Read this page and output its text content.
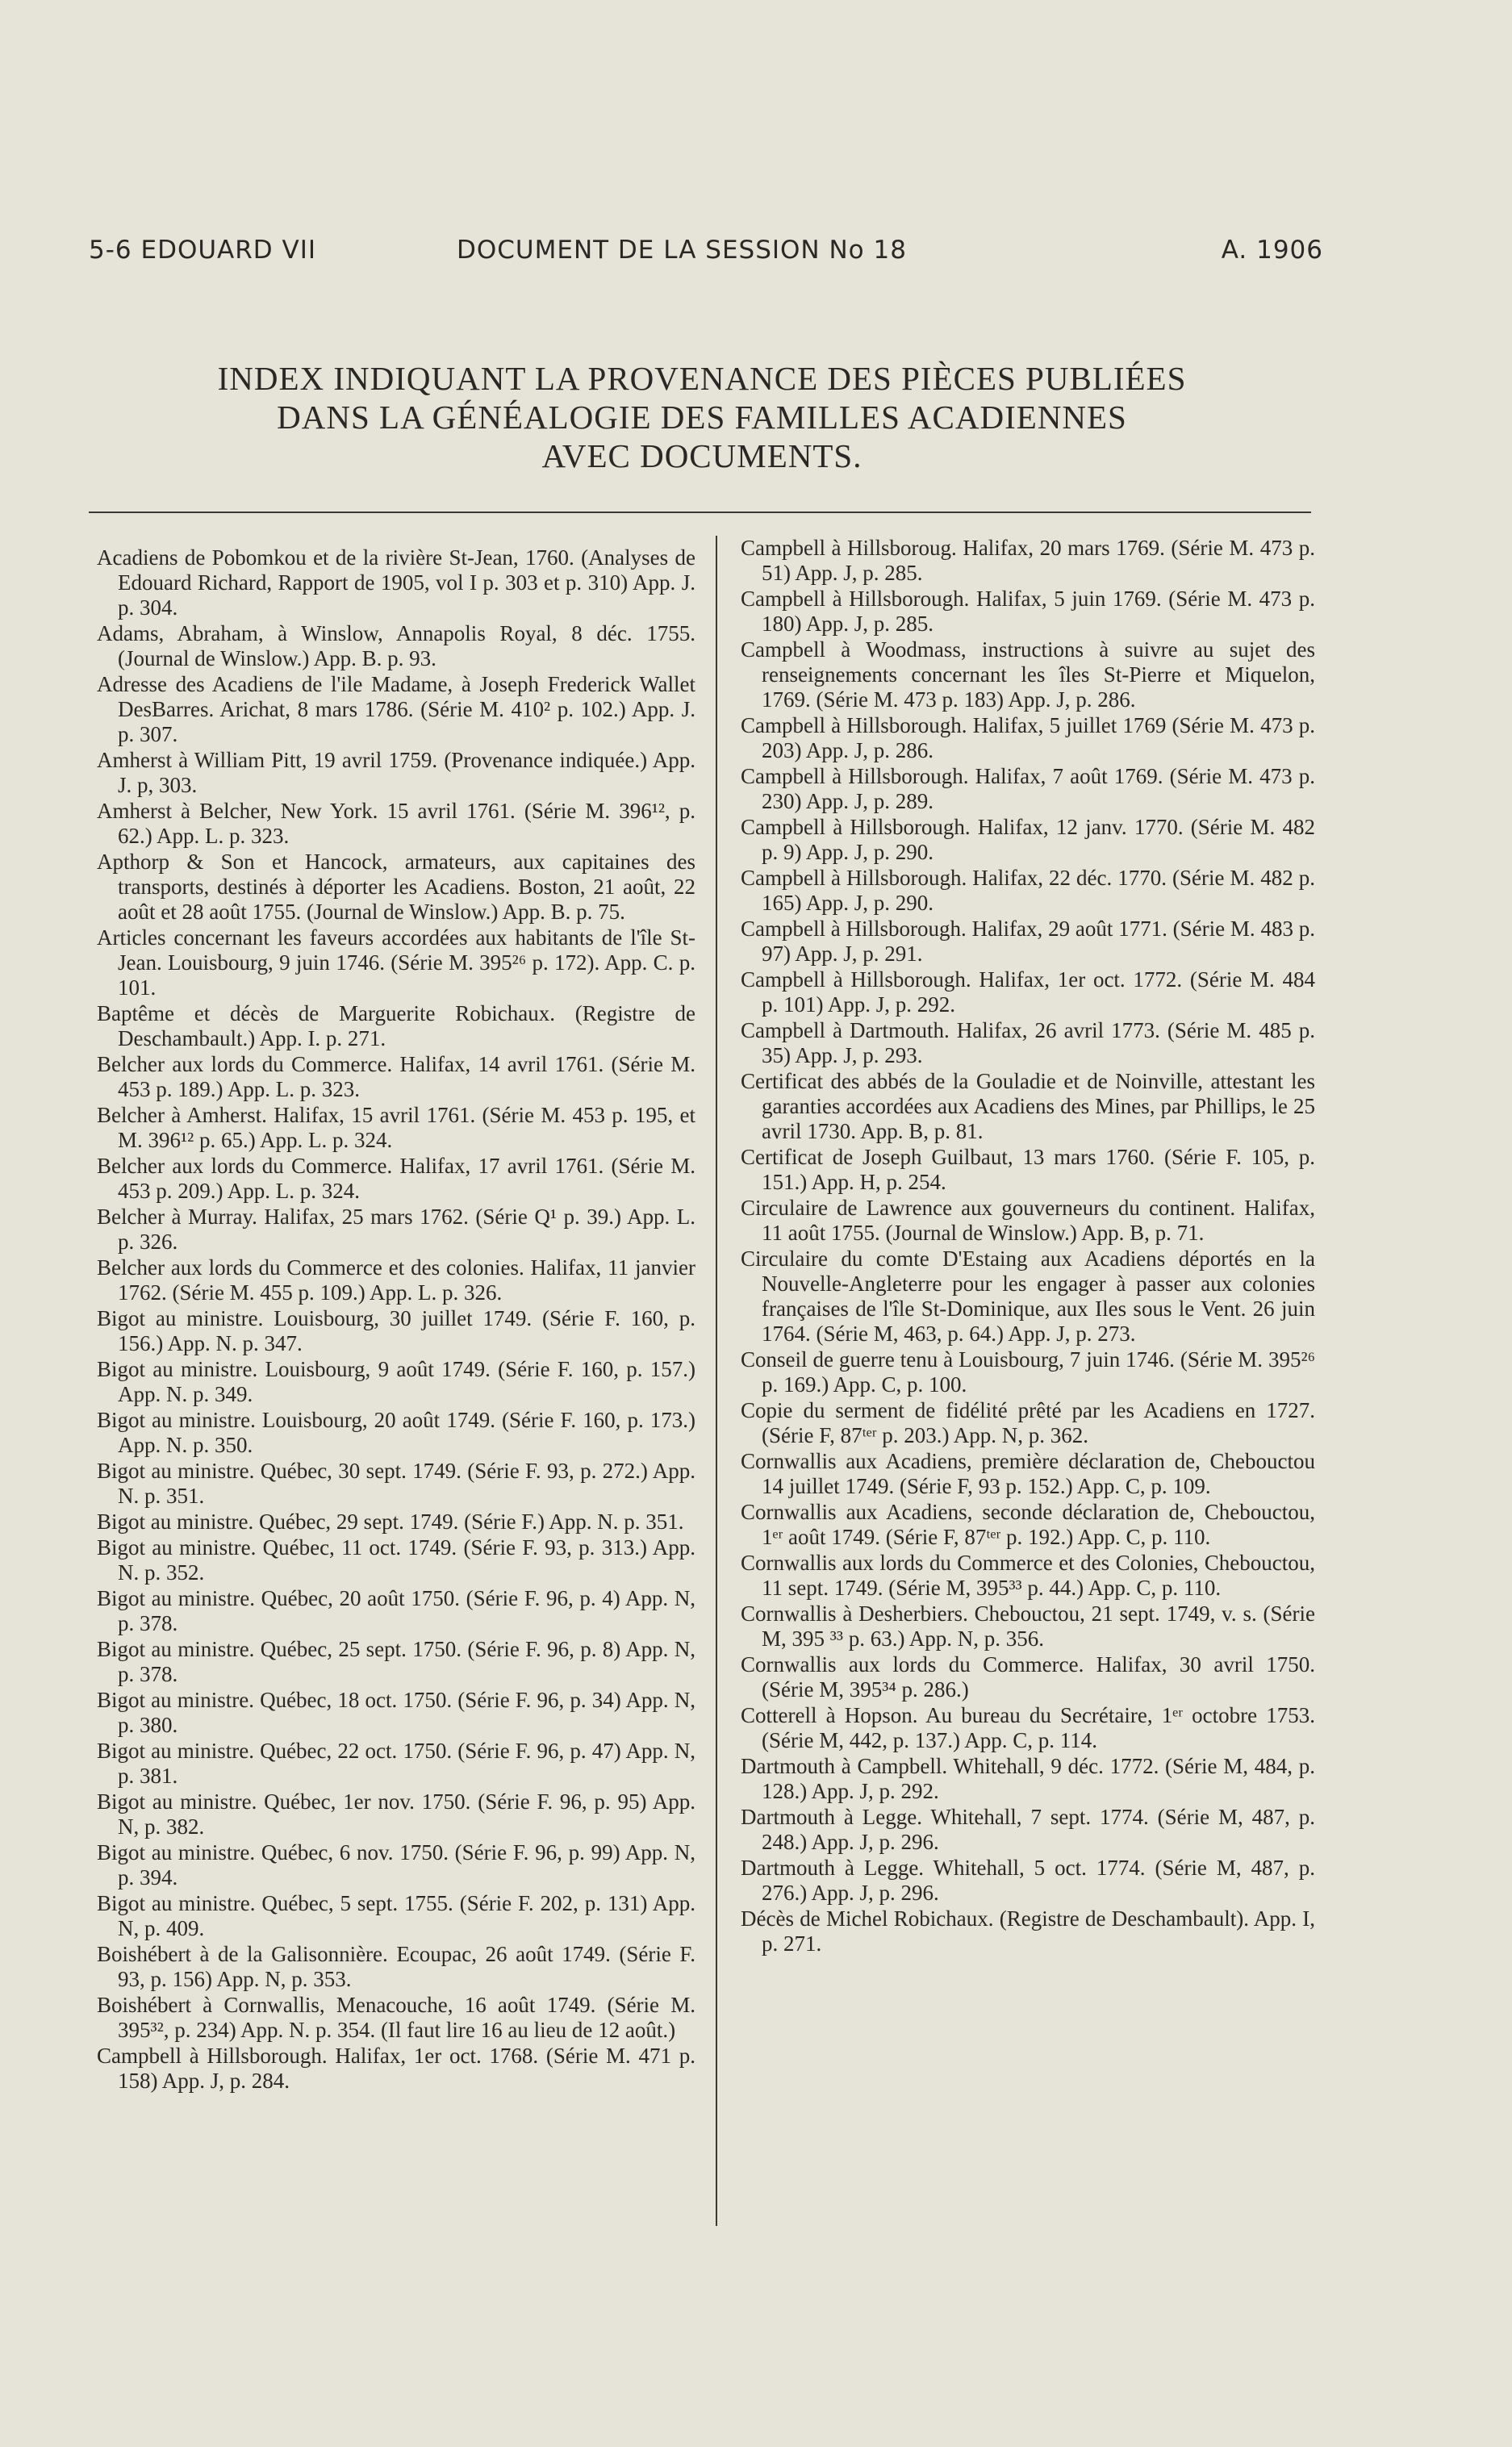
5-6 EDOUARD VII	DOCUMENT DE LA SESSION No 18	A. 1906
INDEX INDIQUANT LA PROVENANCE DES PIÈCES PUBLIÉES
DANS LA GÉNÉALOGIE DES FAMILLES ACADIENNES
AVEC DOCUMENTS.
Acadiens de Pobomkou et de la rivière St-Jean, 1760. (Analyses de Edouard Richard, Rapport de 1905, vol I p. 303 et p. 310) App. J. p. 304.
Adams, Abraham, à Winslow, Annapolis Royal, 8 déc. 1755. (Journal de Winslow.) App. B. p. 93.
Adresse des Acadiens de l'ile Madame, à Joseph Frederick Wallet DesBarres. Arichat, 8 mars 1786. (Série M. 410² p. 102.) App. J. p. 307.
Amherst à William Pitt, 19 avril 1759. (Provenance indiquée.) App. J. p, 303.
Amherst à Belcher, New York. 15 avril 1761. (Série M. 396¹², p. 62.) App. L. p. 323.
Apthorp & Son et Hancock, armateurs, aux capitaines des transports, destinés à déporter les Acadiens. Boston, 21 août, 22 août et 28 août 1755. (Journal de Winslow.) App. B. p. 75.
Articles concernant les faveurs accordées aux habitants de l'île St-Jean. Louisbourg, 9 juin 1746. (Série M. 395²⁶ p. 172). App. C. p. 101.
Baptême et décès de Marguerite Robichaux. (Registre de Deschambault.) App. I. p. 271.
Belcher aux lords du Commerce. Halifax, 14 avril 1761. (Série M. 453 p. 189.) App. L. p. 323.
Belcher à Amherst. Halifax, 15 avril 1761. (Série M. 453 p. 195, et M. 396¹² p. 65.) App. L. p. 324.
Belcher aux lords du Commerce. Halifax, 17 avril 1761. (Série M. 453 p. 209.) App. L. p. 324.
Belcher à Murray. Halifax, 25 mars 1762. (Série Q¹ p. 39.) App. L. p. 326.
Belcher aux lords du Commerce et des colonies. Halifax, 11 janvier 1762. (Série M. 455 p. 109.) App. L. p. 326.
Bigot au ministre. Louisbourg, 30 juillet 1749. (Série F. 160, p. 156.) App. N. p. 347.
Bigot au ministre. Louisbourg, 9 août 1749. (Série F. 160, p. 157.) App. N. p. 349.
Bigot au ministre. Louisbourg, 20 août 1749. (Série F. 160, p. 173.) App. N. p. 350.
Bigot au ministre. Québec, 30 sept. 1749. (Série F. 93, p. 272.) App. N. p. 351.
Bigot au ministre. Québec, 29 sept. 1749. (Série F.) App. N. p. 351.
Bigot au ministre. Québec, 11 oct. 1749. (Série F. 93, p. 313.) App. N. p. 352.
Bigot au ministre. Québec, 20 août 1750. (Série F. 96, p. 4) App. N, p. 378.
Bigot au ministre. Québec, 25 sept. 1750. (Série F. 96, p. 8) App. N, p. 378.
Bigot au ministre. Québec, 18 oct. 1750. (Série F. 96, p. 34) App. N, p. 380.
Bigot au ministre. Québec, 22 oct. 1750. (Série F. 96, p. 47) App. N, p. 381.
Bigot au ministre. Québec, 1er nov. 1750. (Série F. 96, p. 95) App. N, p. 382.
Bigot au ministre. Québec, 6 nov. 1750. (Série F. 96, p. 99) App. N, p. 394.
Bigot au ministre. Québec, 5 sept. 1755. (Série F. 202, p. 131) App. N, p. 409.
Boishébert à de la Galisonnière. Ecoupac, 26 août 1749. (Série F. 93, p. 156) App. N, p. 353.
Boishébert à Cornwallis, Menacouche, 16 août 1749. (Série M. 395³², p. 234) App. N. p. 354. (Il faut lire 16 au lieu de 12 août.)
Campbell à Hillsborough. Halifax, 1er oct. 1768. (Série M. 471 p. 158) App. J, p. 284.
Campbell à Hillsboroug. Halifax, 20 mars 1769. (Série M. 473 p. 51) App. J, p. 285.
Campbell à Hillsborough. Halifax, 5 juin 1769. (Série M. 473 p. 180) App. J, p. 285.
Campbell à Woodmass, instructions à suivre au sujet des renseignements concernant les îles St-Pierre et Miquelon, 1769. (Série M. 473 p. 183) App. J, p. 286.
Campbell à Hillsborough. Halifax, 5 juillet 1769 (Série M. 473 p. 203) App. J, p. 286.
Campbell à Hillsborough. Halifax, 7 août 1769. (Série M. 473 p. 230) App. J, p. 289.
Campbell à Hillsborough. Halifax, 12 janv. 1770. (Série M. 482 p. 9) App. J, p. 290.
Campbell à Hillsborough. Halifax, 22 déc. 1770. (Série M. 482 p. 165) App. J, p. 290.
Campbell à Hillsborough. Halifax, 29 août 1771. (Série M. 483 p. 97) App. J, p. 291.
Campbell à Hillsborough. Halifax, 1er oct. 1772. (Série M. 484 p. 101) App. J, p. 292.
Campbell à Dartmouth. Halifax, 26 avril 1773. (Série M. 485 p. 35) App. J, p. 293.
Certificat des abbés de la Gouladie et de Noinville, attestant les garanties accordées aux Acadiens des Mines, par Phillips, le 25 avril 1730. App. B, p. 81.
Certificat de Joseph Guilbaut, 13 mars 1760. (Série F. 105, p. 151.) App. H, p. 254.
Circulaire de Lawrence aux gouverneurs du continent. Halifax, 11 août 1755. (Journal de Winslow.) App. B, p. 71.
Circulaire du comte D'Estaing aux Acadiens déportés en la Nouvelle-Angleterre pour les engager à passer aux colonies françaises de l'île St-Dominique, aux Iles sous le Vent. 26 juin 1764. (Série M, 463, p. 64.) App. J, p. 273.
Conseil de guerre tenu à Louisbourg, 7 juin 1746. (Série M. 395²⁶ p. 169.) App. C, p. 100.
Copie du serment de fidélité prêté par les Acadiens en 1727. (Série F, 87ᵗᵉʳ p. 203.) App. N, p. 362.
Cornwallis aux Acadiens, première déclaration de, Chebouctou 14 juillet 1749. (Série F, 93 p. 152.) App. C, p. 109.
Cornwallis aux Acadiens, seconde déclaration de, Chebouctou, 1ᵉʳ août 1749. (Série F, 87ᵗᵉʳ p. 192.) App. C, p. 110.
Cornwallis aux lords du Commerce et des Colonies, Chebouctou, 11 sept. 1749. (Série M, 395³³ p. 44.) App. C, p. 110.
Cornwallis à Desherbiers. Chebouctou, 21 sept. 1749, v. s. (Série M, 395 ³³ p. 63.) App. N, p. 356.
Cornwallis aux lords du Commerce. Halifax, 30 avril 1750. (Série M, 395³⁴ p. 286.)
Cotterell à Hopson. Au bureau du Secrétaire, 1ᵉʳ octobre 1753. (Série M, 442, p. 137.) App. C, p. 114.
Dartmouth à Campbell. Whitehall, 9 déc. 1772. (Série M, 484, p. 128.) App. J, p. 292.
Dartmouth à Legge. Whitehall, 7 sept. 1774. (Série M, 487, p. 248.) App. J, p. 296.
Dartmouth à Legge. Whitehall, 5 oct. 1774. (Série M, 487, p. 276.) App. J, p. 296.
Décès de Michel Robichaux. (Registre de Deschambault). App. I, p. 271.
